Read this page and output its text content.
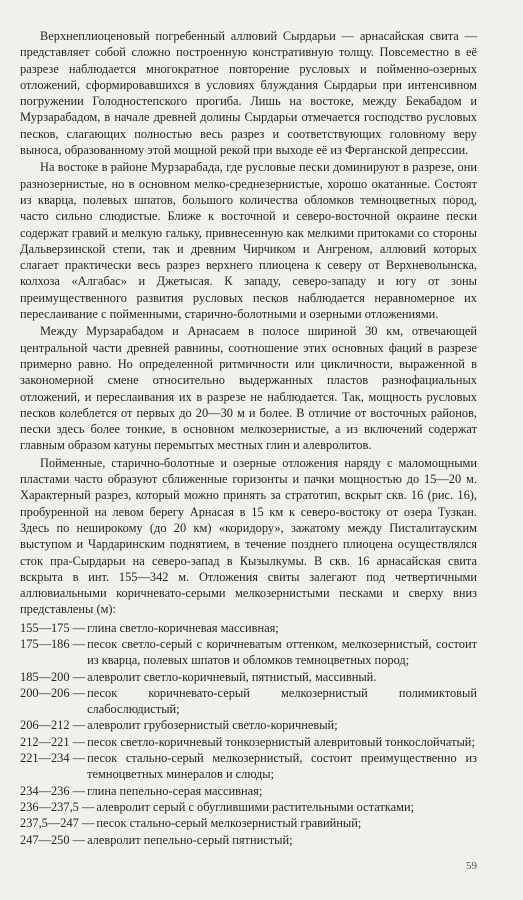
Верхнеплиоценовый погребенный аллювий Сырдарьи — арнасайская свита — представляет собой сложно построенную констративную толщу. Повсеместно в её разрезе наблюдается многократное повторение русловых и пойменно-озерных отложений, сформировавшихся в условиях блуждания Сырдарьи при интенсивном погружении Голодностепского прогиба. Лишь на востоке, между Бекабадом и Мурзарабадом, в начале древней долины Сырдарьи отмечается господство русловых песков, слагающих полностью весь разрез и соответствующих головному веру выноса, образованному этой мощной рекой при выходе её из Ферганской депрессии.

На востоке в районе Мурзарабада, где русловые пески доминируют в разрезе, они разнозернистые, но в основном мелко-среднезернистые, хорошо окатанные. Состоят из кварца, полевых шпатов, большого количества обломков темноцветных пород, часто сильно слюдистые. Ближе к восточной и северо-восточной окраине пески содержат гравий и мелкую гальку, привнесенную как мелкими притоками со стороны Дальверзинской степи, так и древним Чирчиком и Ангреном, аллювий которых слагает практически весь разрез верхнего плиоцена к северу от Верхневолынска, колхоза «Алгабас» и Джетысая. К западу, северо-западу и югу от зоны преимущественного развития русловых песков наблюдается неравномерное их переслаивание с пойменными, старично-болотными и озерными отложениями.

Между Мурзарабадом и Арнасаем в полосе шириной 30 км, отвечающей центральной части древней равнины, соотношение этих основных фаций в разрезе примерно равно. Но определенной ритмичности или цикличности, выраженной в закономерной смене относительно выдержанных пластов разнофациальных отложений, и переслаивания их в разрезе не наблюдается. Так, мощность русловых песков колеблется от первых до 20—30 м и более. В отличие от восточных районов, пески здесь более тонкие, в основном мелкозернистые, а из включений содержат главным образом катуны перемытых местных глин и алевролитов.

Пойменные, старично-болотные и озерные отложения наряду с маломощными пластами часто образуют сближенные горизонты и пачки мощностью до 15—20 м. Характерный разрез, который можно принять за стратотип, вскрыт скв. 16 (рис. 16), пробуренной на левом берегу Арнасая в 15 км к северо-востоку от озера Тузкан. Здесь по неширокому (до 20 км) «коридору», зажатому между Писталитауским выступом и Чардаринским поднятием, в течение позднего плиоцена осуществлялся сток пра-Сырдарьи на северо-запад в Кызылкумы. В скв. 16 арнасайская свита вскрыта в инт. 155—342 м. Отложения свиты залегают под четвертичными аллювиальными коричневато-серыми мелкозернистыми песками и сверху вниз представлены (м):

155—175 — глина светло-коричневая массивная;
175—186 — песок светло-серый с коричневатым оттенком, мелкозернистый, состоит из кварца, полевых шпатов и обломков темноцветных пород;
185—200 — алевролит светло-коричневый, пятнистый, массивный.
200—206 — песок коричневато-серый мелкозернистый полимиктовый слабослюдистый;
206—212 — алевролит грубозернистый светло-коричневый;
212—221 — песок светло-коричневый тонкозернистый алевритовый тонкослойчатый;
221—234 — песок стально-серый мелкозернистый, состоит преимущественно из темноцветных минералов и слюды;
234—236 — глина пепельно-серая массивная;
236—237,5 — алевролит серый с обуглившими растительными остатками;
237,5—247 — песок стально-серый мелкозернистый гравийный;
247—250 — алевролит пепельно-серый пятнистый;
59
